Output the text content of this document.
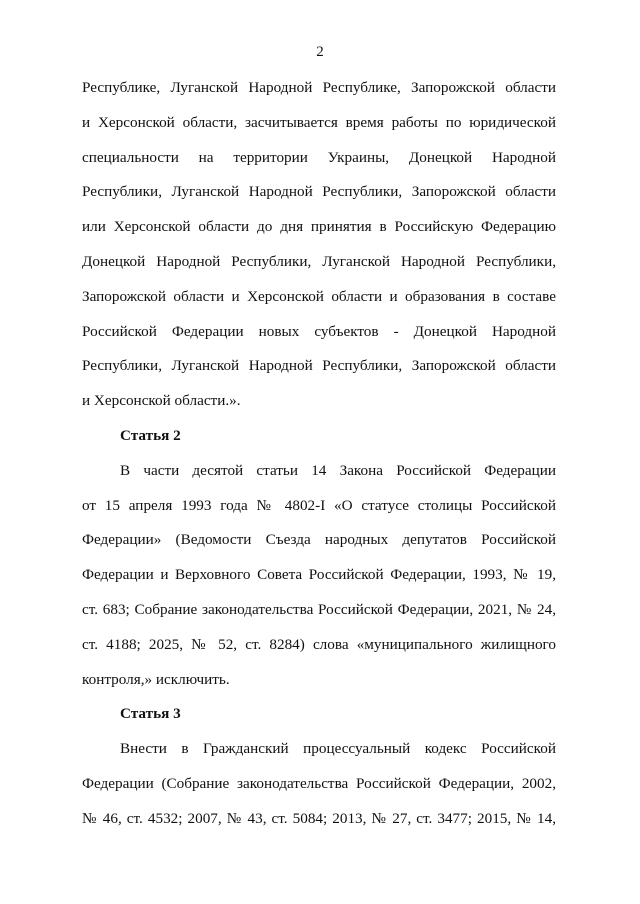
2
Республике, Луганской Народной Республике, Запорожской области
и Херсонской области, засчитывается время работы по юридической
специальности на территории Украины, Донецкой Народной
Республики, Луганской Народной Республики, Запорожской области
или Херсонской области до дня принятия в Российскую Федерацию
Донецкой Народной Республики, Луганской Народной Республики,
Запорожской области и Херсонской области и образования в составе
Российской Федерации новых субъектов - Донецкой Народной
Республики, Луганской Народной Республики, Запорожской области
и Херсонской области.».
Статья 2
В части десятой статьи 14 Закона Российской Федерации
от 15 апреля 1993 года № 4802-I «О статусе столицы Российской
Федерации» (Ведомости Съезда народных депутатов Российской
Федерации и Верховного Совета Российской Федерации, 1993, № 19,
ст. 683; Собрание законодательства Российской Федерации, 2021, № 24,
ст. 4188; 2025, № 52, ст. 8284) слова «муниципального жилищного
контроля,» исключить.
Статья 3
Внести в Гражданский процессуальный кодекс Российской
Федерации (Собрание законодательства Российской Федерации, 2002,
№ 46, ст. 4532; 2007, № 43, ст. 5084; 2013, № 27, ст. 3477; 2015, № 14,
